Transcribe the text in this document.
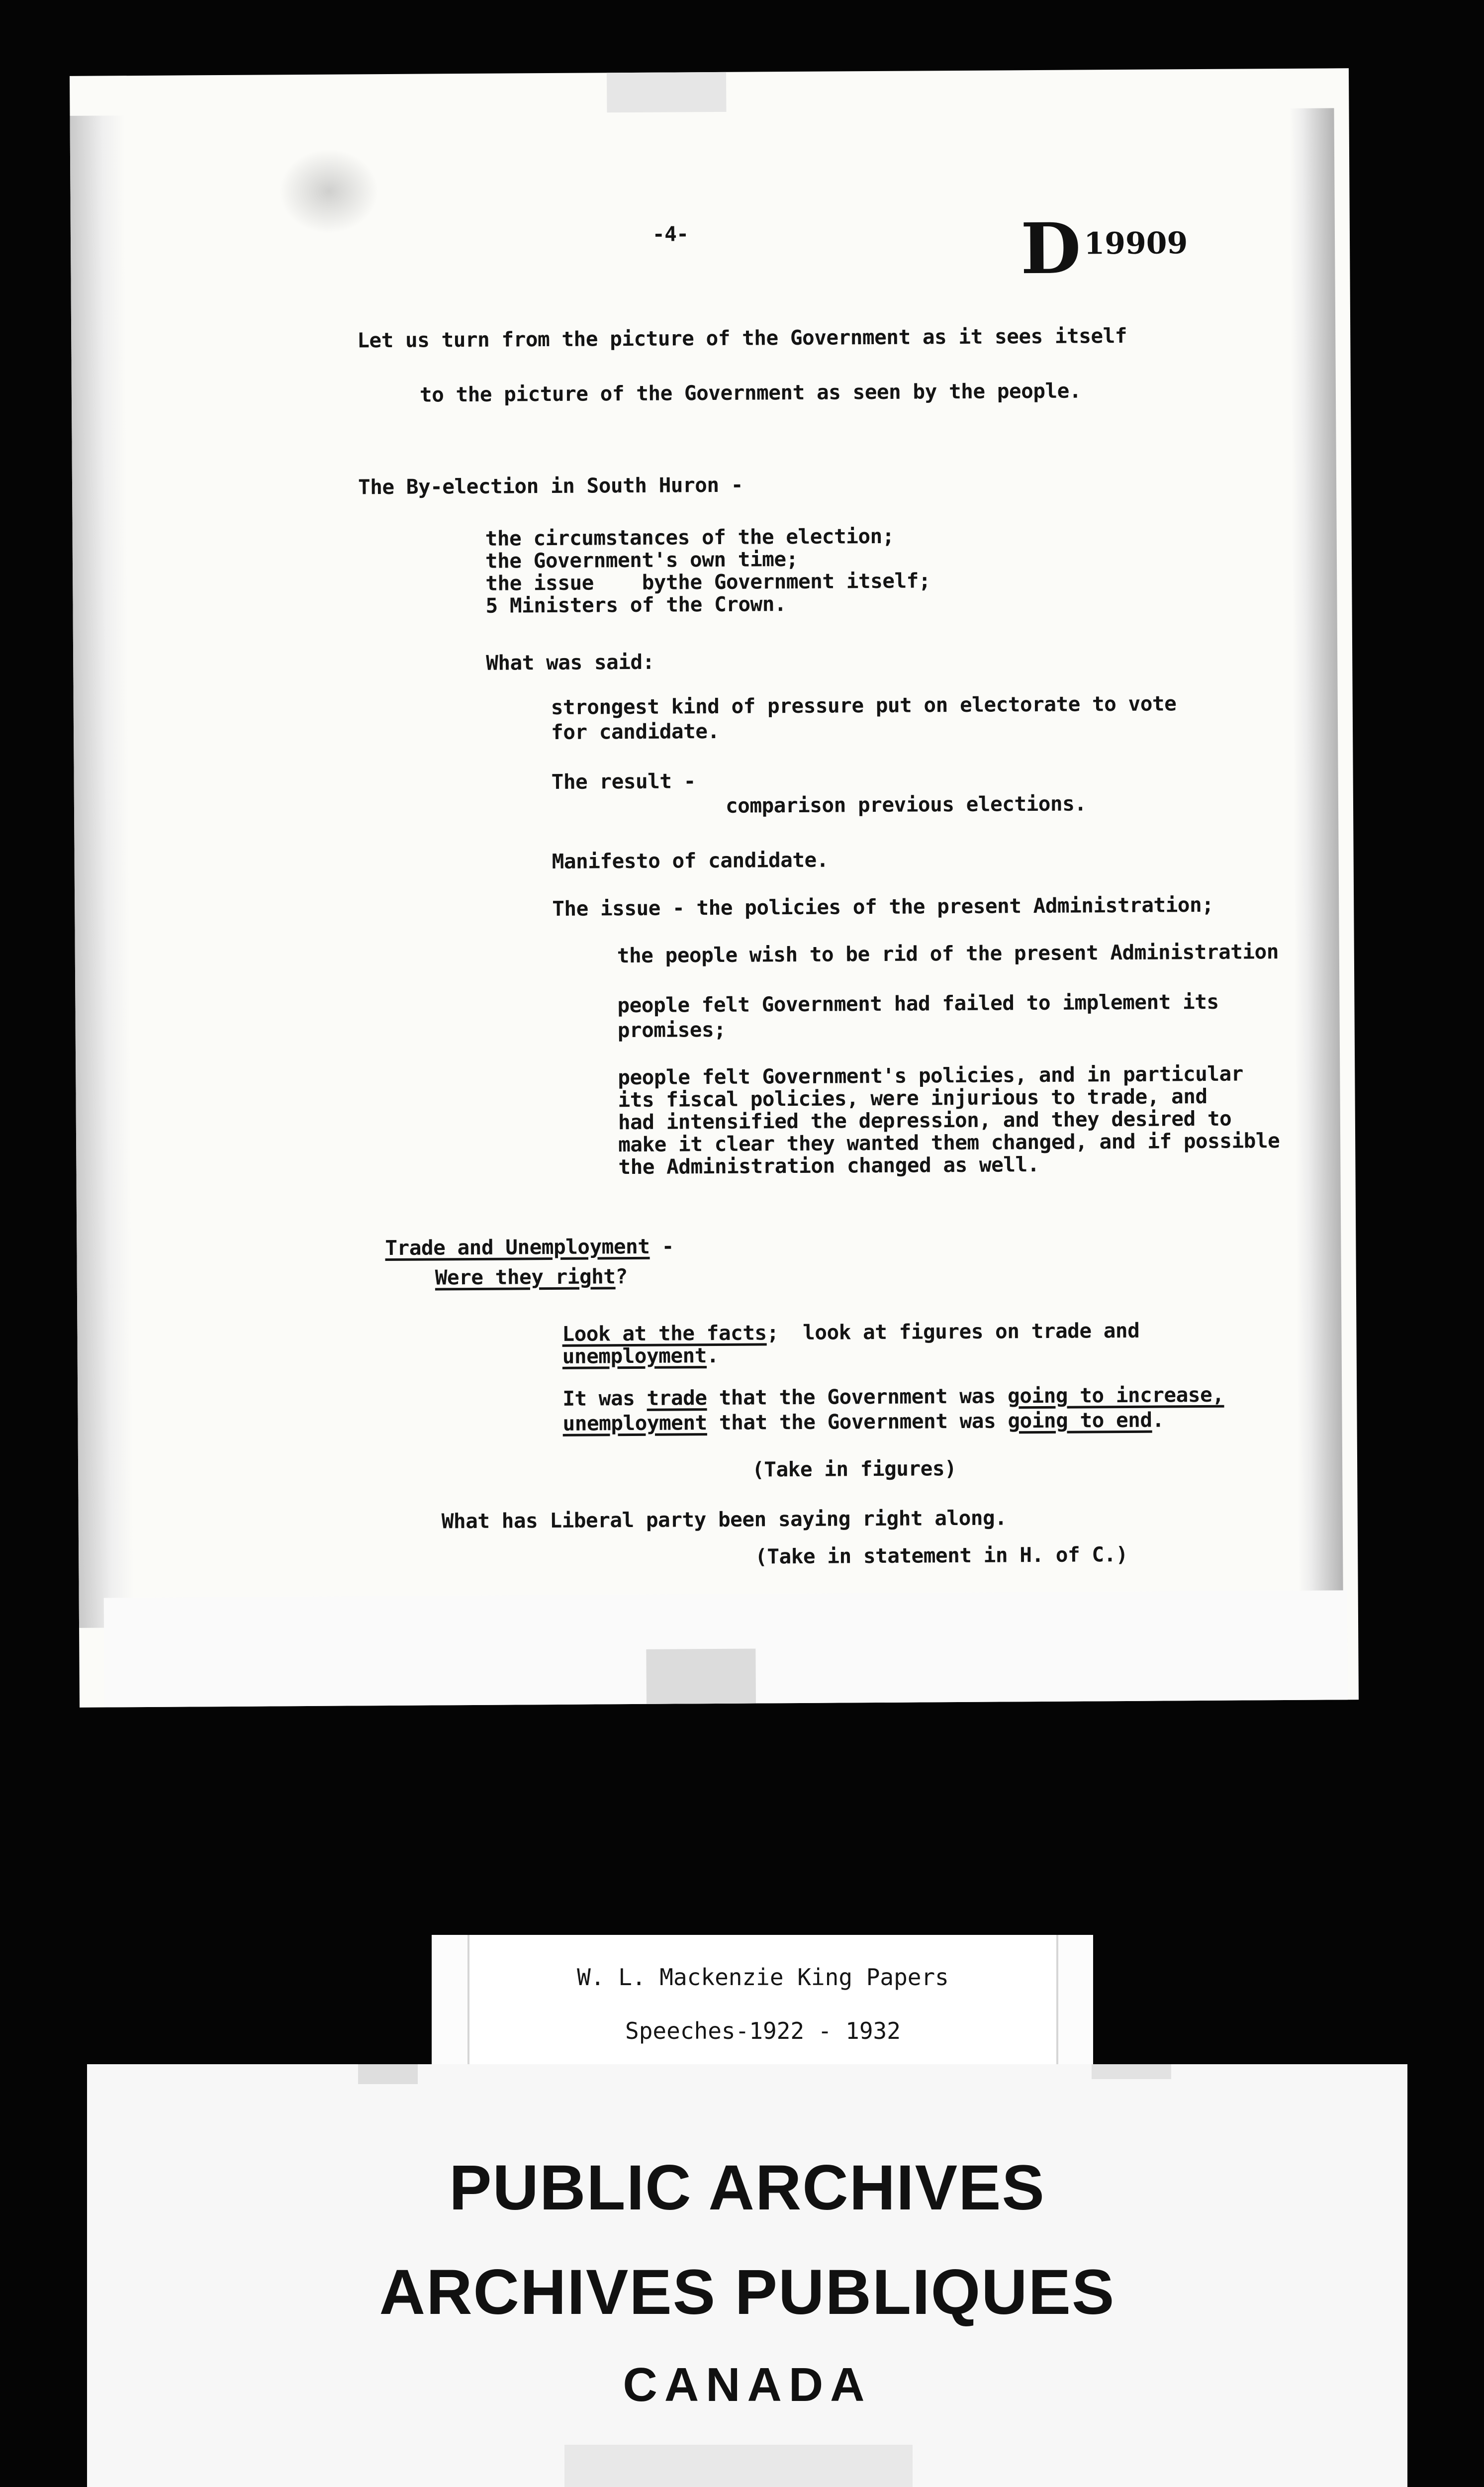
-4-	D19909
Let us turn from the picture of the Government as it sees itself
to the picture of the Government as seen by the people.
The By-election in South Huron -
the circumstances of the election;
the Government's own time;
the issue    bythe Government itself;
5 Ministers of the Crown.
What was said:
strongest kind of pressure put on electorate to vote
for candidate.
The result -
comparison previous elections.
Manifesto of candidate.
The issue - the policies of the present Administration;
the people wish to be rid of the present Administration
people felt Government had failed to implement its
promises;
people felt Government's policies, and in particular
its fiscal policies, were injurious to trade, and
had intensified the depression, and they desired to
make it clear they wanted them changed, and if possible
the Administration changed as well.
Trade and Unemployment -
Were they right?
Look at the facts;  look at figures on trade and
unemployment.
It was trade that the Government was going to increase,
unemployment that the Government was going to end.
(Take in figures)
What has Liberal party been saying right along.
(Take in statement in H. of C.)
W. L. Mackenzie King Papers
Speeches-1922 - 1932
PUBLIC ARCHIVES
ARCHIVES PUBLIQUES
CANADA
